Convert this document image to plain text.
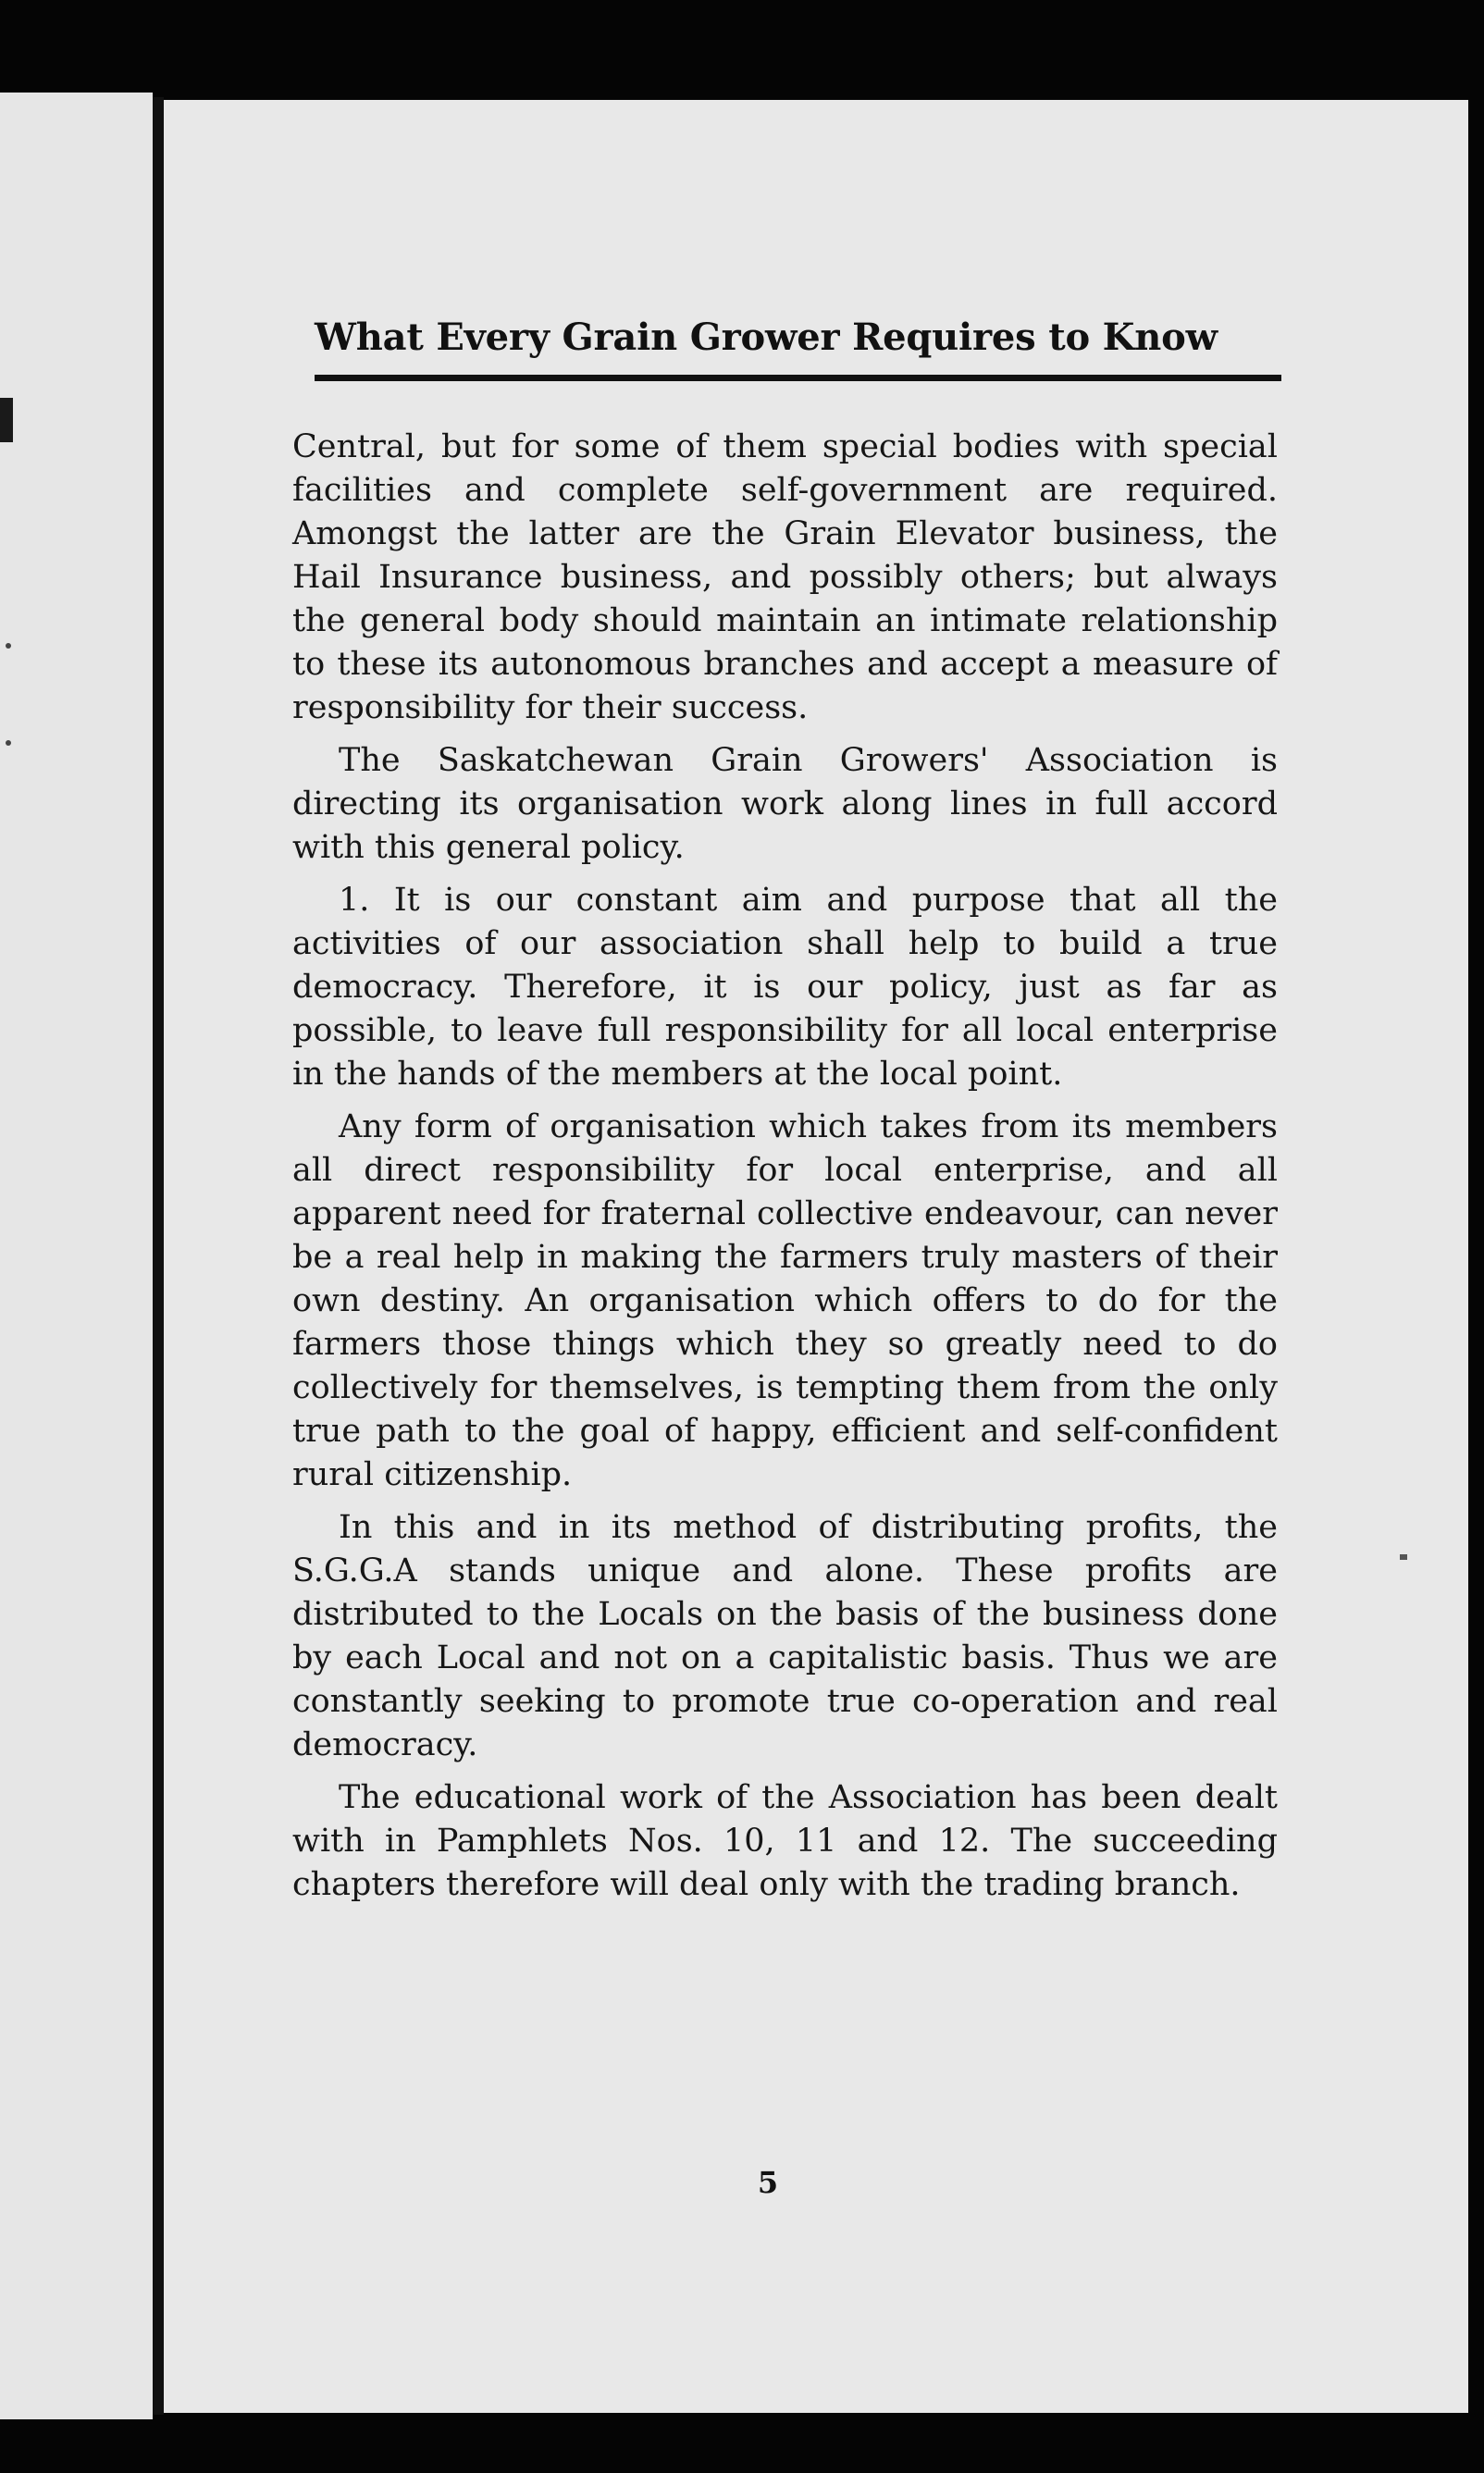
What Every Grain Grower Requires to Know

Central, but for some of them special bodies with special facilities and complete self-government are required. Amongst the latter are the Grain Elevator business, the Hail Insurance business, and possibly others; but always the general body should maintain an intimate relationship to these its autonomous branches and accept a measure of responsibility for their success.

The Saskatchewan Grain Growers' Association is directing its organisation work along lines in full accord with this general policy.

1. It is our constant aim and purpose that all the activities of our association shall help to build a true democracy. Therefore, it is our policy, just as far as possible, to leave full responsibility for all local enterprise in the hands of the members at the local point.

Any form of organisation which takes from its members all direct responsibility for local enterprise, and all apparent need for fraternal collective endeavour, can never be a real help in making the farmers truly masters of their own destiny. An organisation which offers to do for the farmers those things which they so greatly need to do collectively for themselves, is tempting them from the only true path to the goal of happy, efficient and self-confident rural citizenship.

In this and in its method of distributing profits, the S.G.G.A stands unique and alone. These profits are distributed to the Locals on the basis of the business done by each Local and not on a capitalistic basis. Thus we are constantly seeking to promote true co-operation and real democracy.

The educational work of the Association has been dealt with in Pamphlets Nos. 10, 11 and 12. The succeeding chapters therefore will deal only with the trading branch.

5
